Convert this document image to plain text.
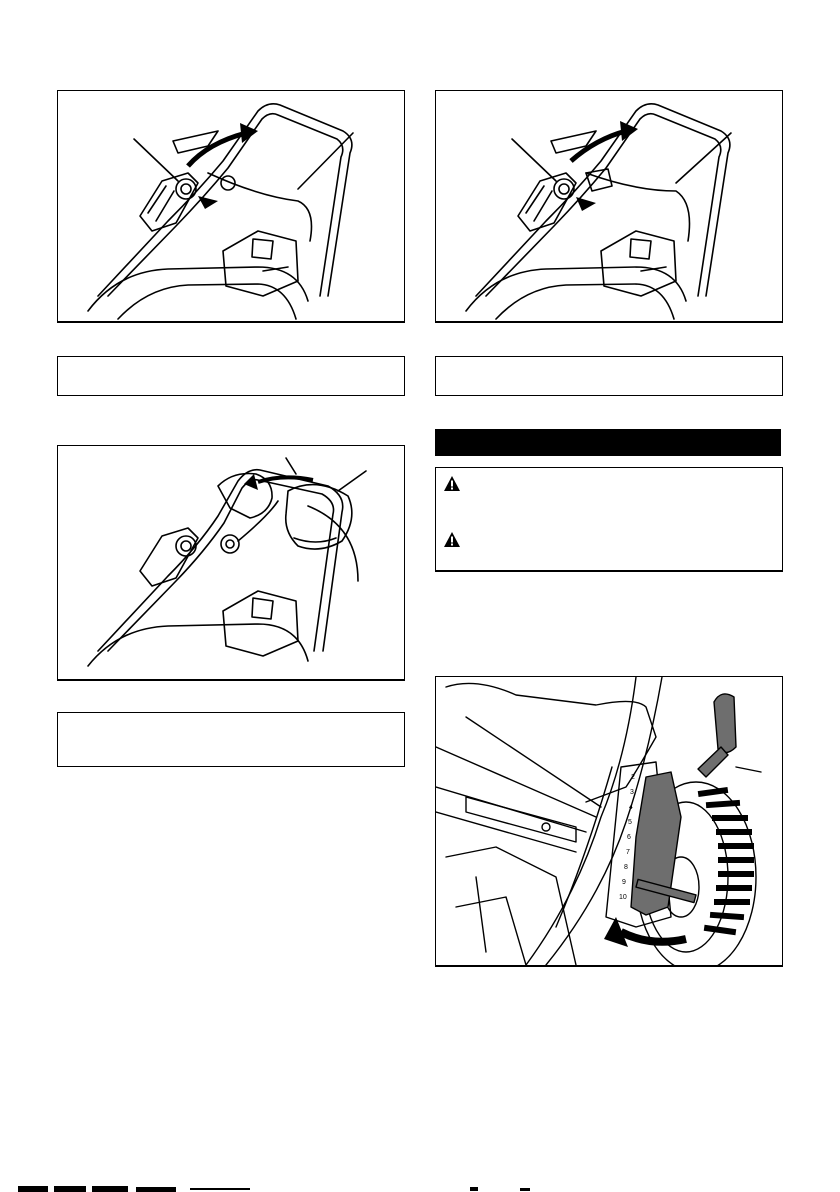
2
3
4
5
6
7
8
9
10
